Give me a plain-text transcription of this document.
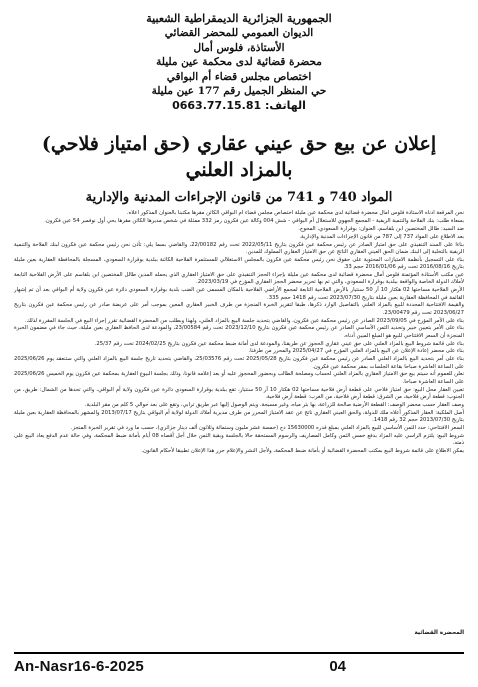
الجمهورية الجزائرية الديمقراطية الشعبية
الديوان العمومي للمحضر القضائي
الأستاذة، فلوس أمال
محضرة قضائية لدى محكمة عين مليلة
اختصاص مجلس قضاء أم البواقي
حي المنظر الجميل رقم 177 عين مليلة
الهاتف: 0663.77.15.81
إعلان عن بيع حق عيني عقاري (حق امتياز فلاحي)
بالمزاد العلني
المواد 740 و 741 من قانون الإجراءات المدنية والإدارية

نحن المرقعة أدناه الأستاذة فلوس أمال محضرة قضائية لدى محكمة عين مليلة اختصاص مجلس قضاء أم البواقي الكائن مقرها مكتبنا بالعنوان المذكور أعلاه.

بسعاة طلب: بنك الفلاحة والتنمية الريفية - المجمع الجهوي للاستغلال أم البواقي - ش‍ش 004 وكالة عين فكرون رمز 332 ممثلة في شخص مديرها الكائن مقرها بحي أول نوفمبر 54 عين فكرون.

ضد السيد: طالل المختصين ابن بلقاسم، العنوان: بوقرارة السعودي، المحوج.

بعد الاطلاع على المواد 737 إلى 787 من قانون الإجراءات المدنية والإدارية.

بناءا على السند التنفيذي على حق امتياز الصادر عن رئيس محكمة عين فكرون بتاريخ 2022/05/11 تحت رقم 22/00182، والقاضي بسما يلي: تأذن نحن رئيس محكمة عين فكرون لبنك الفلاحة والتنمية الريفية بالتخلية إلى البنك ضمان الحق العيني العقاري الناتج عن حق الامتياز العقاري المملوك للمدين.

بناء على التسجيل بأنظمة الامتيازات المحتوية على حقوق نحن رئيس محكمة عين فكرون بالمجلس الاستغلالي للمستثمرة الفلاحية الكائنة ببلدية بوقرارة السعودي، المسجلة بالمحافظة العقارية بعين مليلة بتاريخ 2016/08/16 تحت رقم 2016/01/06 حجم 33.

عين مكتب الأستاذة المؤتمنة فلوس أمال محضرة قضائية لدى محكمة عين مليلة بإجراء الحجز التنفيذي على حق الامتياز العقاري الذي يحمله المدين طالل المختصين ابن بلقاسم على الأرض الفلاحية التابعة لأملاك الدولة الخاصة والواقعة ببلدية بوقرارة السعودي، والتي تم بها تحرير محضر الحجز العقاري المؤرخ في 2023/03/19.

الأرض الفلاحية مساحتها 02 هكتار 10 آر 50 سنتيار بالأرض الفلاحية التابعة لمجمع الأراضي الفلاحية بالمكان المسمى عين الضب بلدية بوقرارة السعودي دائرة عين فكرون ولاية أم البواقي بعد أن تم إشهار القائمة في المحافظة العقارية بعين مليلة بتاريخ 2023/07/30 تحت رقم 1418 حجم 335.

والقيمة الافتتاحية المحددة للبيع بالمزاد العلني بالتفاصيل الوارد ذكرها، طبقا لتقرير الخبرة المنجزة من طرف الخبير العقاري المعين بموجب أمر على عريضة صادر عن رئيس محكمة عين فكرون بتاريخ 2023/06/27 تحت رقم 23/00479.

بناء على الأمر المؤرخ في 2023/09/05 الصادر عن رئيس محكمة عين فكرون، والقاضي بتحديد جلسة البيع بالمزاد العلني، ولهذا وبطلب من المحضرة القضائية تقرر إجراء البيع في الجلسة المقررة لذلك.

بناء على الأمر بتعيين خبير وتحديد الثمن الأساسي الصادر عن رئيس محكمة عين فكرون بتاريخ 2023/12/10 تحت رقم 23/00584، والمودعة لدى الحافظ العقاري بعين مليلة، حيث جاء في مضمون الخبرة المنجزة أن السعر الافتتاحي للبيع هو المبلغ المبين أدناه.

بناء على قائمة شروط البيع بالمزاد العلني على حق عيني عقاري الحجوز عن طريقنا، والمودعة لدى أمانة ضبط محكمة عين فكرون بتاريخ 2024/02/25 تحت رقم 25/37.

بناء على محضر إعادة الإعلان عن البيع بالمزاد العلني المؤرخ في 2025/04/27 والمحرر من طرفنا.

بناء على أمر بتحديد البيع بالمزاد العلني الصادر عن رئيس محكمة عين فكرون بتاريخ 2025/05/28 تحت رقم 25/03576، والقاضي بتحديد تاريخ جلسة البيع بالمزاد العلني والتي ستنعقد يوم 2025/06/26 على الساعة العاشرة صباحا بقاعة الجلسات بمقر محكمة عين فكرون.

نعلن للعموم أنه سيتم بيع حق الامتياز العقاري بالمزاد العلني لحساب ومصلحة الطالب وبحضور المحجوز عليه أو بعد إعلامه قانونا، وذلك بجلسة البيوع العقارية بمحكمة عين فكرون يوم الخميس 2025/06/26 على الساعة العاشرة صباحا.

تعيين العقار محل البيع: حق امتياز فلاحي على قطعة أرض فلاحية مساحتها 02 هكتار 10 آر 50 سنتيار، تقع ببلدية بوقرارة السعودي دائرة عين فكرون ولاية أم البواقي، والتي تحدها من الشمال: طريق، من الجنوب: قطعة أرض فلاحية، من الشرق: قطعة أرض فلاحية، من الغرب: قطعة أرض فلاحية.

وصف العقار حسب محضر الوصف: القطعة الأرضية صالحة للزراعة، بها بئر مياه، وغير مسيجة، ويتم الوصول إليها عبر طريق ترابي، وتقع على بعد حوالي 5 كلم من مقر البلدية.

أصل الملكية: العقار المذكور أعلاه ملك للدولة، والحق العيني العقاري ناتج عن عقد الامتياز المحرر من طرف مديرية أملاك الدولة لولاية أم البواقي بتاريخ 2013/07/17 والمشهر بالمحافظة العقارية بعين مليلة بتاريخ 2013/07/30 حجم 32 رقم 1418.

السعر الافتتاحي: حدد الثمن الأساسي للبيع بالمزاد العلني بمبلغ قدره 15630000 دج (خمسة عشر مليون وستمائة وثلاثون ألف دينار جزائري)، حسب ما ورد في تقرير الخبرة المنجز.

شروط البيع: يلتزم الراسي عليه المزاد بدفع خمس الثمن وكامل المصاريف والرسوم المستحقة حالا بالجلسة وبقية الثمن خلال أجل أقصاه 08 أيام بأمانة ضبط المحكمة، وفي حالة عدم الدفع يعاد البيع على ذمته.

يمكن الاطلاع على قائمة شروط البيع بمكتب المحضرة القضائية أو بأمانة ضبط المحكمة، ولأجل النشر والإعلام حرر هذا الإعلان تطبيقا لأحكام القانون.

المحضرة القضائية
An-Nasr16-6-2025	04
